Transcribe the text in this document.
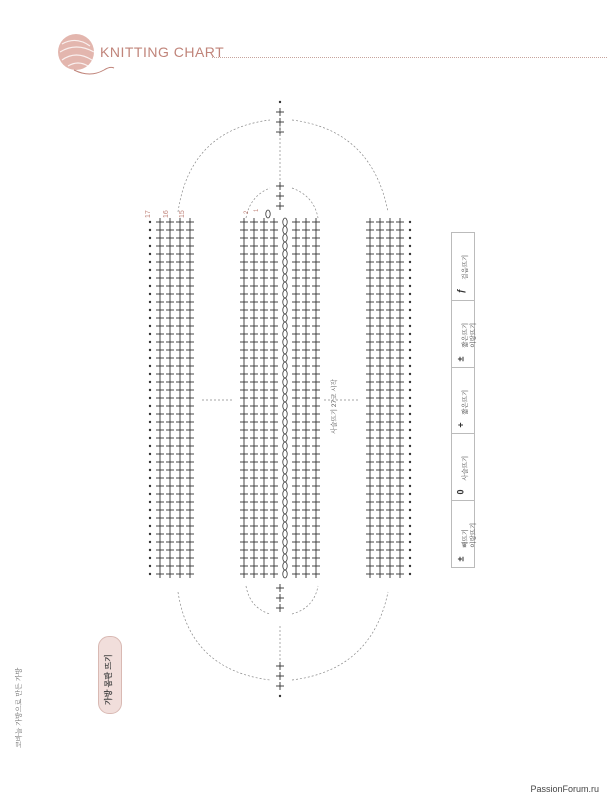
KNITTING CHART
17 16 15	1
2
사슬뜨기 27코 시작
코바늘 가방으로 만든 가방	가방 몸판 뜨기
ƒ
걸음뜨기
±
짧은뜨기 이랑뜨기
+
짧은뜨기
0
사슬뜨기
±
빼뜨기 이랑뜨기
PassionForum.ru
